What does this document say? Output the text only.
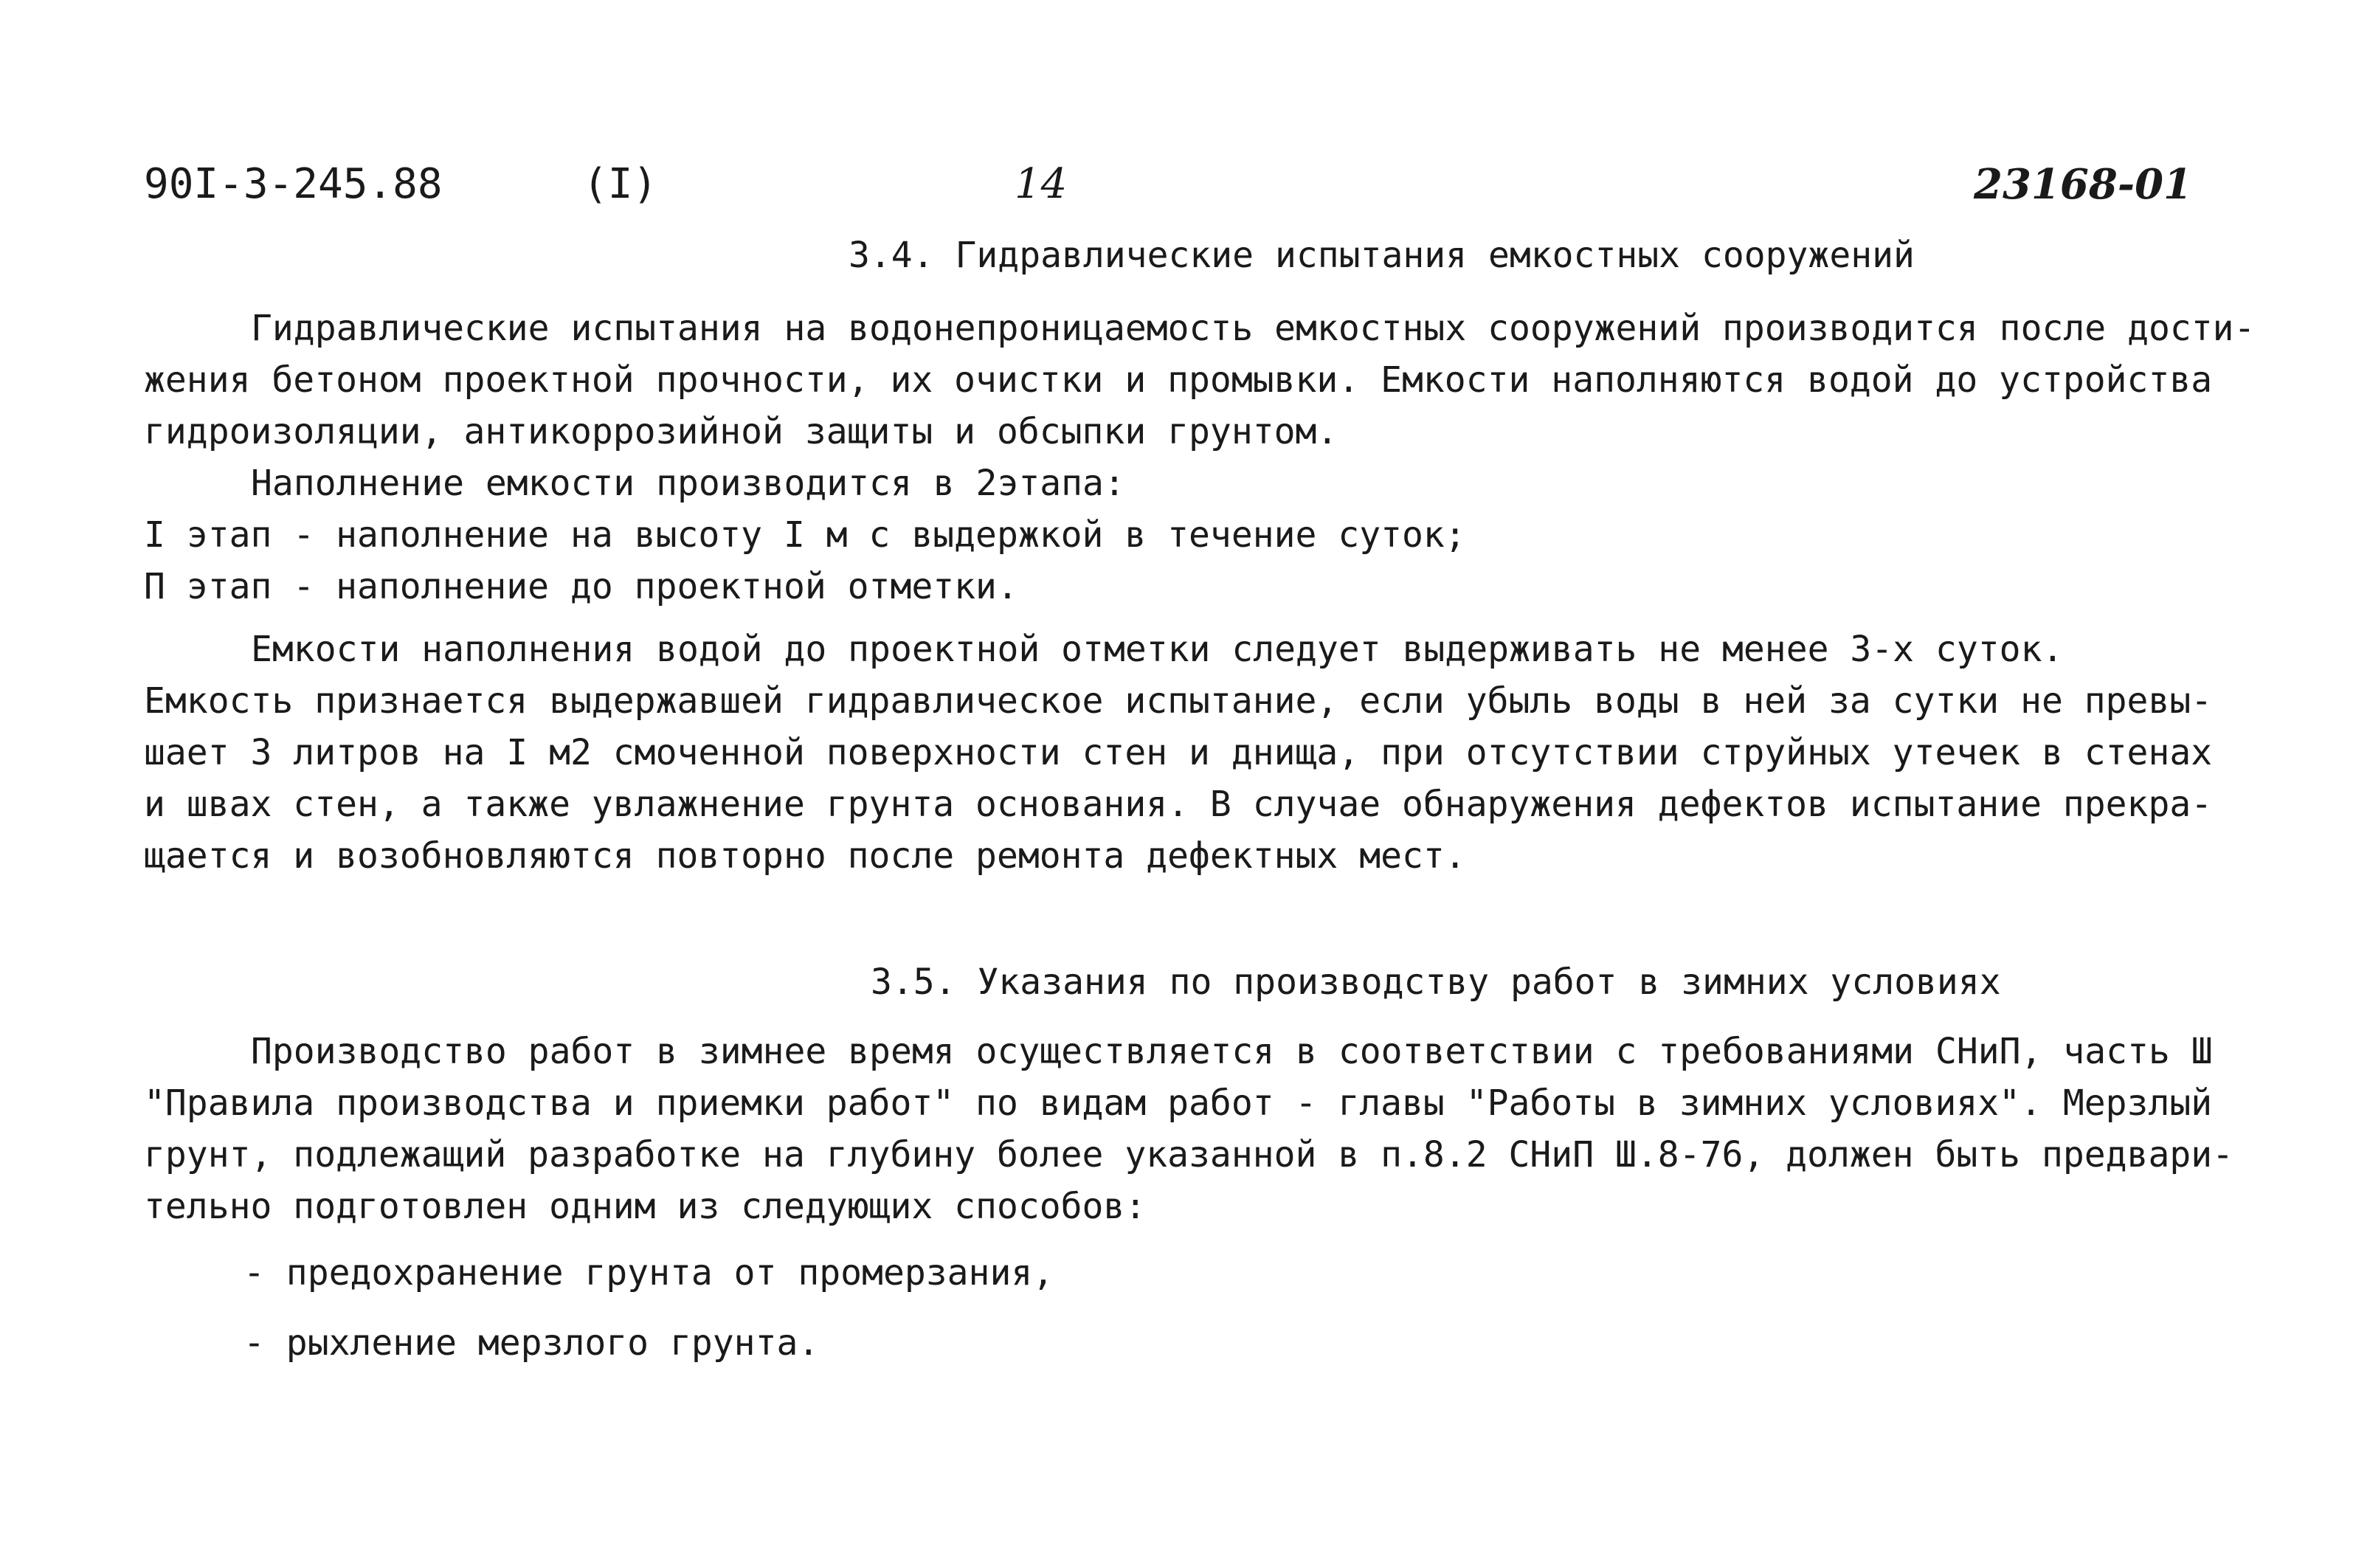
90I-3-245.88	(I)	14	23168-01
3.4. Гидравлические испытания емкостных сооружений
Гидравлические испытания на водонепроницаемость емкостных сооружений производится после дости-
жения бетоном проектной прочности, их очистки и промывки. Емкости наполняются водой до устройства
гидроизоляции, антикоррозийной защиты и обсыпки грунтом.
Наполнение емкости производится в 2этапа:
I этап - наполнение на высоту I м с выдержкой в течение суток;
П этап - наполнение до проектной отметки.
Емкости наполнения водой до проектной отметки следует выдерживать не менее 3-х суток.
Емкость признается выдержавшей гидравлическое испытание, если убыль воды в ней за сутки не превы-
шает 3 литров на I м2 смоченной поверхности стен и днища, при отсутствии струйных утечек в стенах
и швах стен, а также увлажнение грунта основания. В случае обнаружения дефектов испытание прекра-
щается и возобновляются повторно после ремонта дефектных мест.
3.5. Указания по производству работ в зимних условиях
Производство работ в зимнее время осуществляется в соответствии с требованиями СНиП, часть Ш
"Правила производства и приемки работ" по видам работ - главы "Работы в зимних условиях". Мерзлый
грунт, подлежащий разработке на глубину более указанной в п.8.2 СНиП Ш.8-76, должен быть предвари-
тельно подготовлен одним из следующих способов:
- предохранение грунта от промерзания,
- рыхление мерзлого грунта.
